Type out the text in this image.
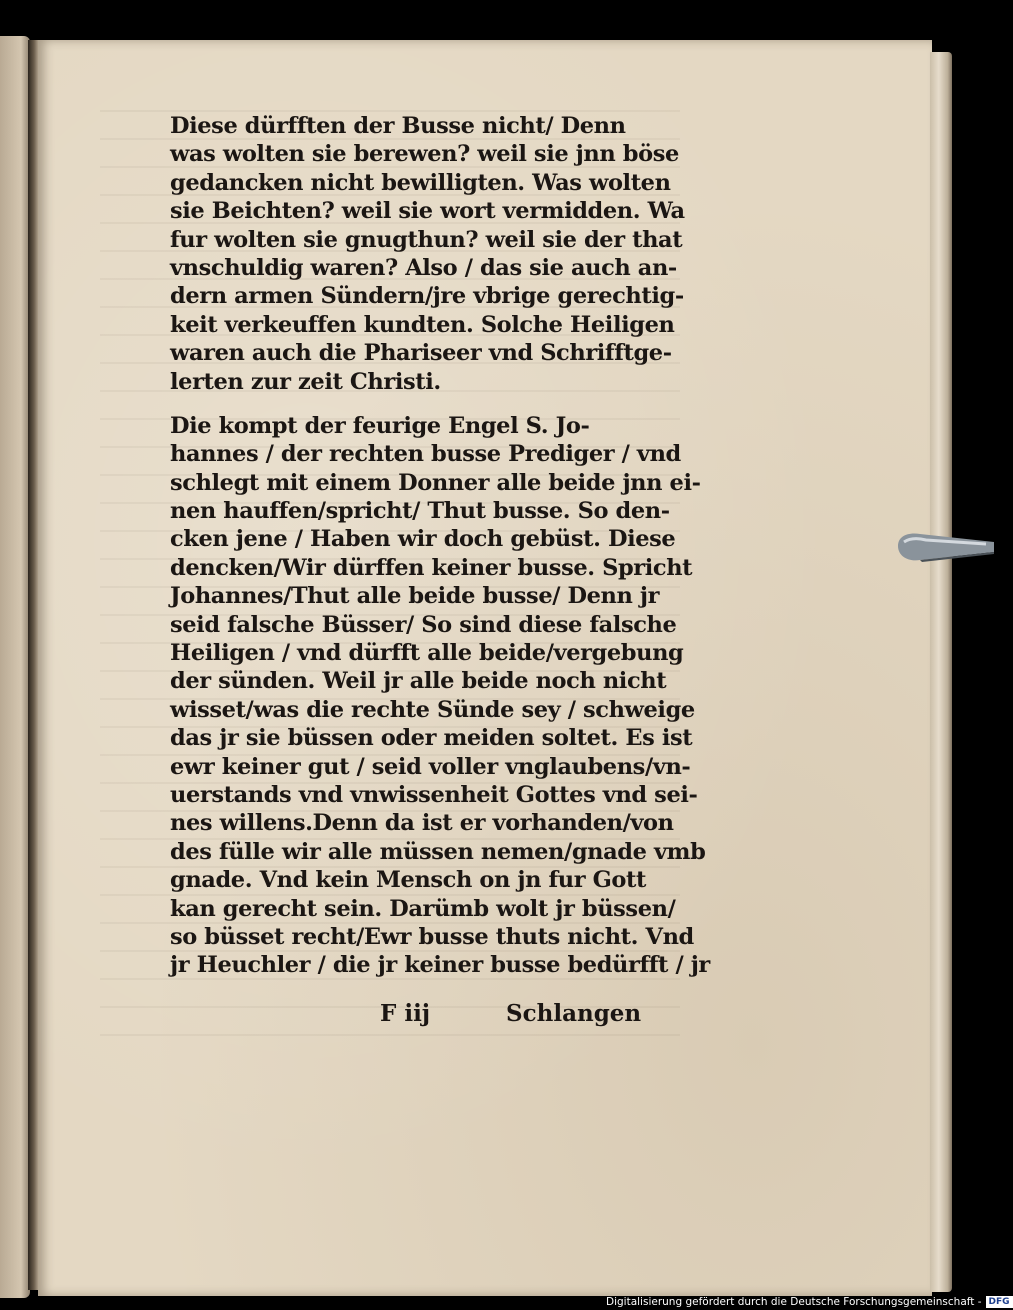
Diese dürfften der Busse nicht/ Denn
was wolten sie berewen? weil sie jnn böse
gedancken nicht bewilligten. Was wolten
sie Beichten? weil sie wort vermidden. Wa
fur wolten sie gnugthun? weil sie der that
vnschuldig waren? Also / das sie auch an-
dern armen Sündern/jre vbrige gerechtig-
keit verkeuffen kundten. Solche Heiligen
waren auch die Phariseer vnd Schrifftge-
lerten zur zeit Christi.
Die kompt der feurige Engel S. Jo-
hannes / der rechten busse Prediger / vnd
schlegt mit einem Donner alle beide jnn ei-
nen hauffen/spricht/ Thut busse. So den-
cken jene / Haben wir doch gebüst. Diese
dencken/Wir dürffen keiner busse. Spricht
Johannes/Thut alle beide busse/ Denn jr
seid falsche Büsser/ So sind diese falsche
Heiligen / vnd dürfft alle beide/vergebung
der sünden. Weil jr alle beide noch nicht
wisset/was die rechte Sünde sey / schweige
das jr sie büssen oder meiden soltet. Es ist
ewr keiner gut / seid voller vnglaubens/vn-
uerstands vnd vnwissenheit Gottes vnd sei-
nes willens.Denn da ist er vorhanden/von
des fülle wir alle müssen nemen/gnade vmb
gnade. Vnd kein Mensch on jn fur Gott
kan gerecht sein. Darümb wolt jr büssen/
so büsset recht/Ewr busse thuts nicht. Vnd
jr Heuchler / die jr keiner busse bedürfft / jr
F iij	Schlangen
Digitalisierung gefördert durch die Deutsche Forschungsgemeinschaft - DFG
